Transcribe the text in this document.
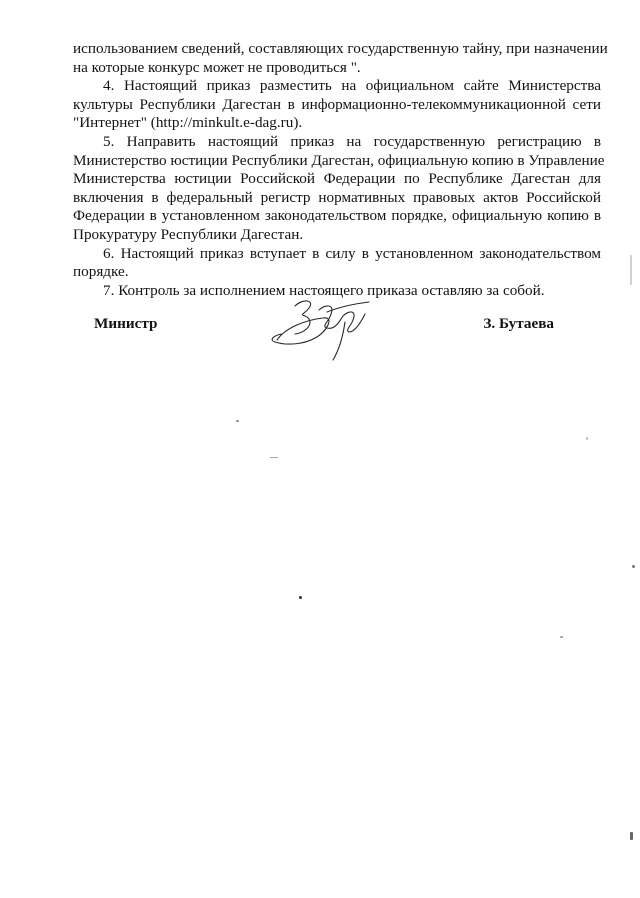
использованием сведений, составляющих государственную тайну, при назначении
на которые конкурс может не проводиться ".
4. Настоящий приказ разместить на официальном сайте Министерства
культуры Республики Дагестан в информационно-телекоммуникационной сети
"Интернет" (http://minkult.e-dag.ru).
5. Направить настоящий приказ на государственную регистрацию в
Министерство юстиции Республики Дагестан, официальную копию в Управление
Министерства юстиции Российской Федерации по Республике Дагестан для
включения в федеральный регистр нормативных правовых актов Российской
Федерации в установленном законодательством порядке, официальную копию в
Прокуратуру Республики Дагестан.
6. Настоящий приказ вступает в силу в установленном законодательством
порядке.
7. Контроль за исполнением настоящего приказа оставляю за собой.
Министр	З. Бутаева
